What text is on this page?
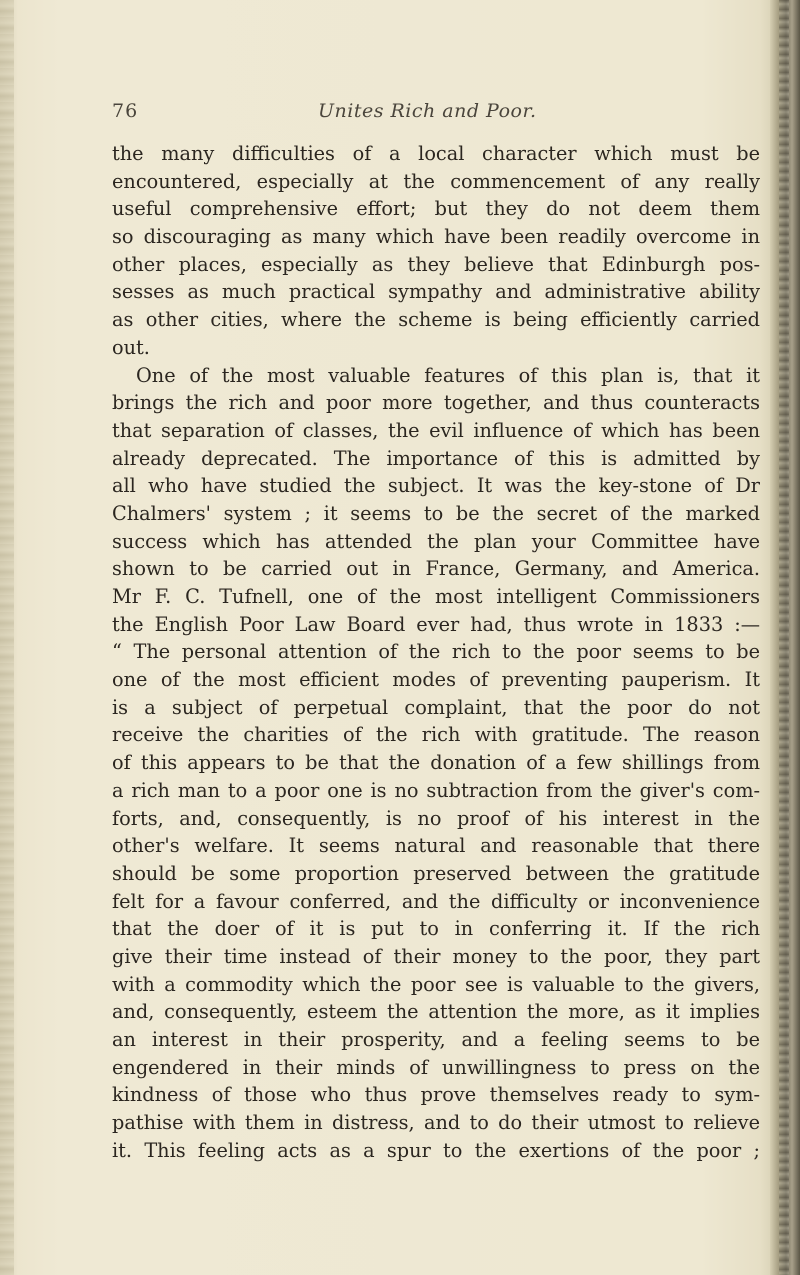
76	Unites Rich and Poor.
the many difficulties of a local character which must be
encountered, especially at the commencement of any really
useful comprehensive effort; but they do not deem them
so discouraging as many which have been readily overcome in
other places, especially as they believe that Edinburgh pos-
sesses as much practical sympathy and administrative ability
as other cities, where the scheme is being efficiently carried
out.
One of the most valuable features of this plan is, that it
brings the rich and poor more together, and thus counteracts
that separation of classes, the evil influence of which has been
already deprecated. The importance of this is admitted by
all who have studied the subject. It was the key-stone of Dr
Chalmers' system ; it seems to be the secret of the marked
success which has attended the plan your Committee have
shown to be carried out in France, Germany, and America.
Mr F. C. Tufnell, one of the most intelligent Commissioners
the English Poor Law Board ever had, thus wrote in 1833 :—
“ The personal attention of the rich to the poor seems to be
one of the most efficient modes of preventing pauperism. It
is a subject of perpetual complaint, that the poor do not
receive the charities of the rich with gratitude. The reason
of this appears to be that the donation of a few shillings from
a rich man to a poor one is no subtraction from the giver's com-
forts, and, consequently, is no proof of his interest in the
other's welfare. It seems natural and reasonable that there
should be some proportion preserved between the gratitude
felt for a favour conferred, and the difficulty or inconvenience
that the doer of it is put to in conferring it. If the rich
give their time instead of their money to the poor, they part
with a commodity which the poor see is valuable to the givers,
and, consequently, esteem the attention the more, as it implies
an interest in their prosperity, and a feeling seems to be
engendered in their minds of unwillingness to press on the
kindness of those who thus prove themselves ready to sym-
pathise with them in distress, and to do their utmost to relieve
it. This feeling acts as a spur to the exertions of the poor ;
